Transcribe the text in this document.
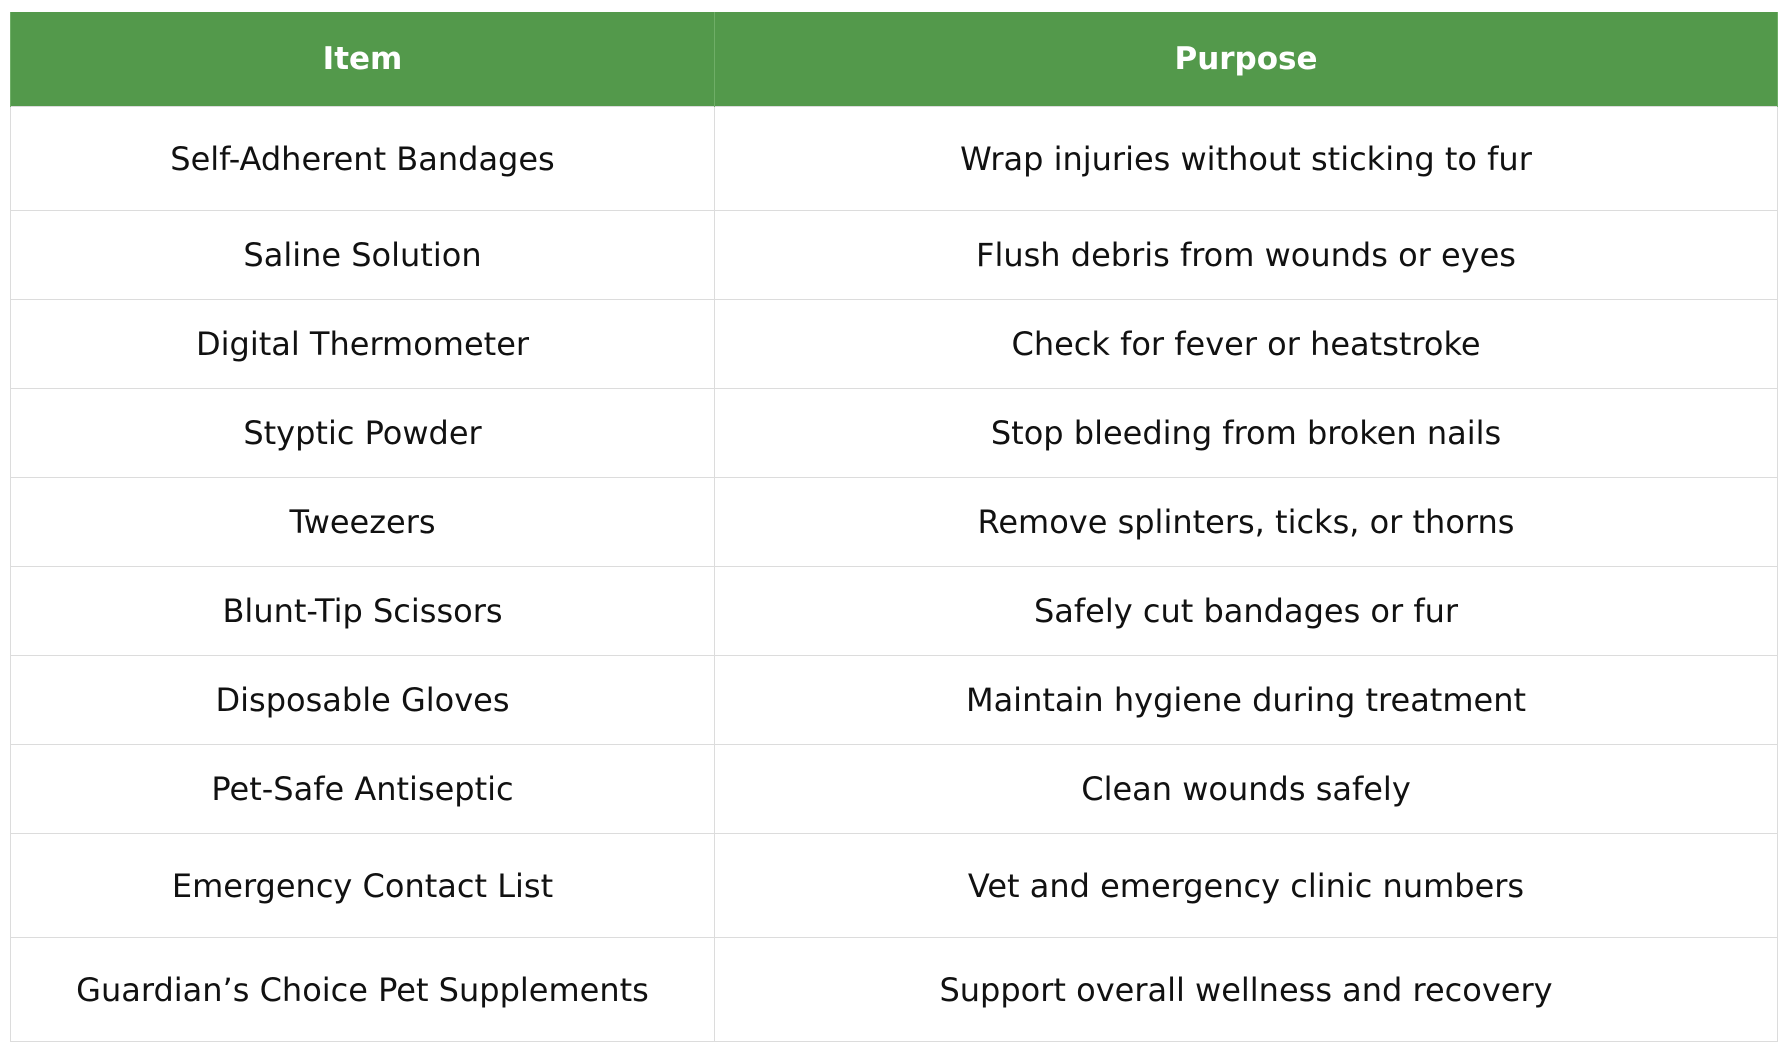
Item	Purpose
Self-Adherent Bandages	Wrap injuries without sticking to fur
Saline Solution	Flush debris from wounds or eyes
Digital Thermometer	Check for fever or heatstroke
Styptic Powder	Stop bleeding from broken nails
Tweezers	Remove splinters, ticks, or thorns
Blunt-Tip Scissors	Safely cut bandages or fur
Disposable Gloves	Maintain hygiene during treatment
Pet-Safe Antiseptic	Clean wounds safely
Emergency Contact List	Vet and emergency clinic numbers
Guardian’s Choice Pet Supplements	Support overall wellness and recovery
